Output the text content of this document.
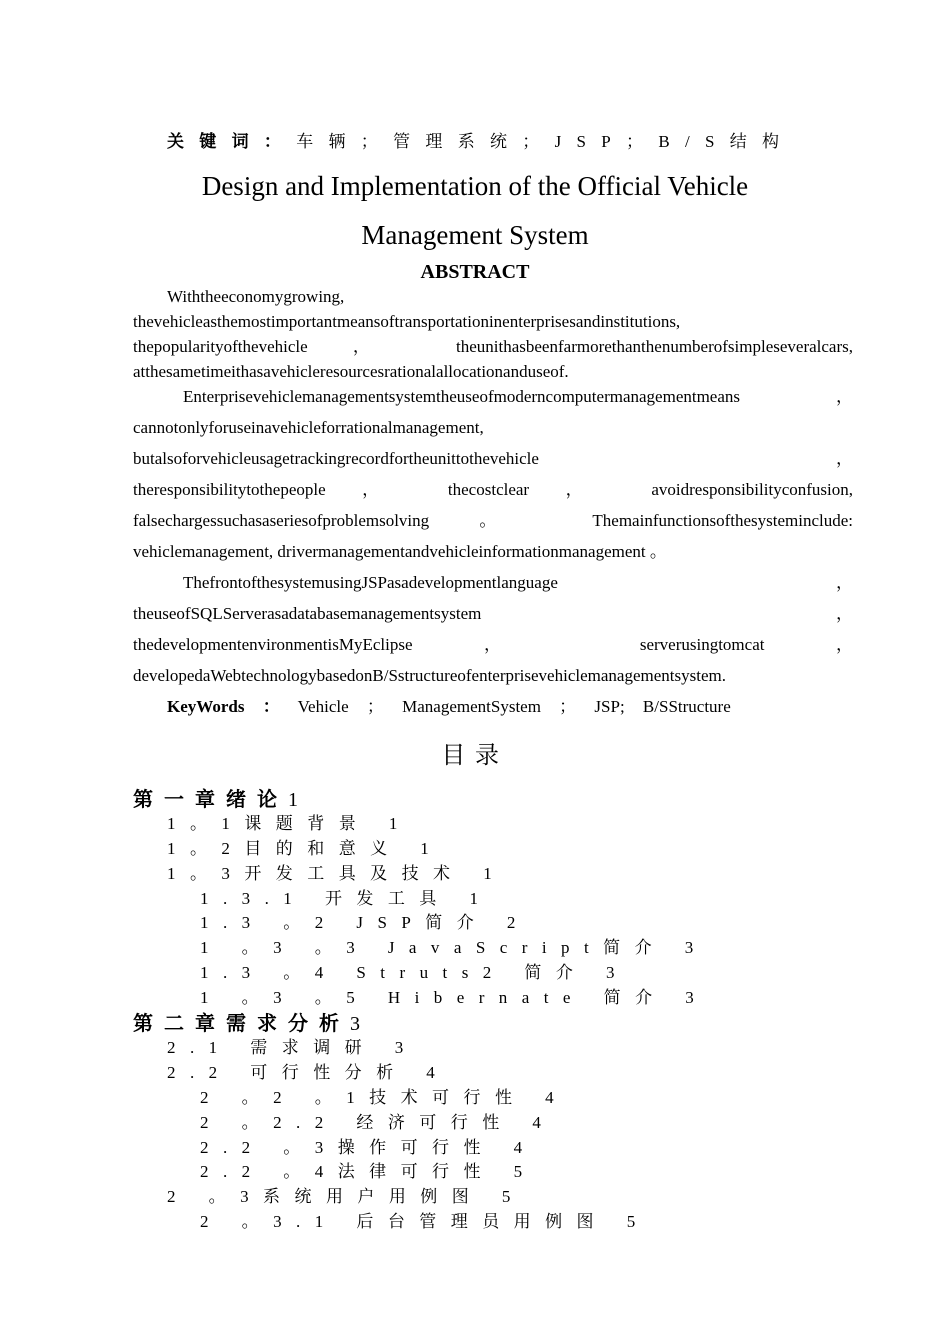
关键词：车辆；管理系统；JSP；B/S结构
Design and Implementation of the Official Vehicle
Management System
ABSTRACT
Withtheeconomygrowing,
thevehicleasthemostimportantmeansoftransportationinenterprisesandinstitutions,
thepopularityofthevehicle ， theunithasbeenfarmorethanthenumberofsimpleseveralcars,
atthesametimeithasavehicleresourcesrationalallocationanduseof.
Enterprisevehiclemanagementsystemtheuseofmoderncomputermanagementmeans ，
cannotonlyforuseinavehicleforrationalmanagement,
butalsoforvehicleusagetrackingrecordfortheunittothevehicle ，
theresponsibilitytothepeople ， thecostclear ， avoidresponsibilityconfusion,
falsechargessuchasaseriesofproblemsolving 。 Themainfunctionsofthesysteminclude:
vehiclemanagement, drivermanagementandvehicleinformationmanagement 。
ThefrontofthesystemusingJSPasadevelopmentlanguage ，
theuseofSQLServerasadatabasemanagementsystem ，
thedevelopmentenvironmentisMyEclipse ， serverusingtomcat ，
developedaWebtechnologybasedonB/Sstructureofenterprisevehiclemanagementsystem.
KeyWords ： Vehicle ； ManagementSystem ； JSP; B/SStructure
目录
第一章绪论1
1。1课题背景 1
1。2目的和意义 1
1。3开发工具及技术 1
1.3.1 开发工具 1
1.3 。2 JSP简介 2
1 。3 。3 JavaScript简介 3
1.3 。4 Struts2 简介 3
1 。3 。5 Hibernate 简介 3
第二章需求分析3
2.1 需求调研 3
2.2 可行性分析 4
2 。2 。1技术可行性 4
2 。2.2 经济可行性 4
2.2 。3操作可行性 4
2.2 。4法律可行性 5
2 。3系统用户用例图 5
2 。3.1 后台管理员用例图 5
